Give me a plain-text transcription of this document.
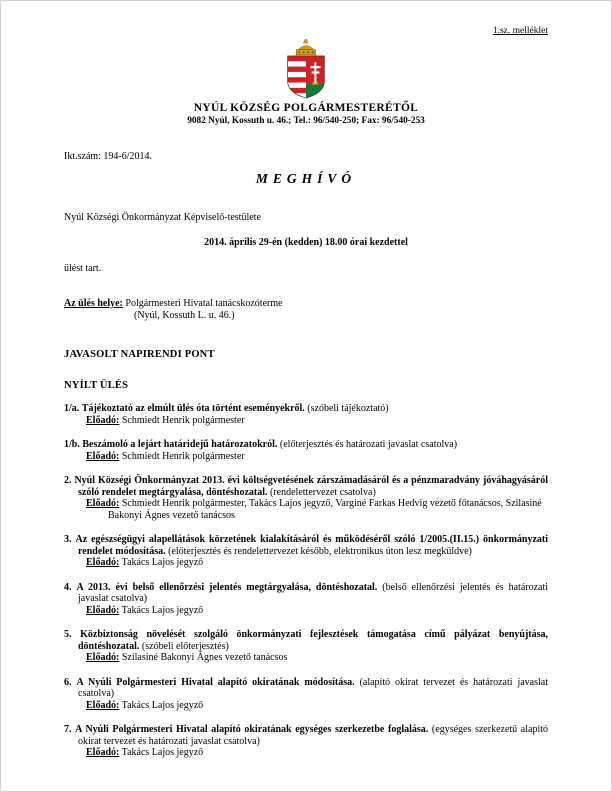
1.sz. melléklet
NYÚL KÖZSÉG POLGÁRMESTERÉTŐL
9082 Nyúl, Kossuth u. 46.; Tel.: 96/540-250; Fax: 96/540-253
Ikt.szám: 194-6/2014.
MEGHÍVÓ
Nyúl Községi Önkormányzat Képviselő-testülete
2014. április 29-én (kedden) 18.00 órai kezdettel
ülést tart.
Az ülés helye: Polgármesteri Hivatal tanácskozóterme
(Nyúl, Kossuth L. u. 46.)
JAVASOLT NAPIRENDI PONT
NYÍLT ÜLÉS
1/a. Tájékoztató az elmúlt ülés óta történt eseményekről. (szóbeli tájékoztató)
Előadó: Schmiedt Henrik polgármester
1/b. Beszámoló a lejárt határidejű határozatokról. (előterjesztés és határozati javaslat csatolva)
Előadó: Schmiedt Henrik polgármester
2. Nyúl Községi Önkormányzat 2013. évi költségvetésének zárszámadásáról és a pénzmaradvány jóváhagyásáról szóló rendelet megtárgyalása, döntéshozatal. (rendelettervezet csatolva)
Előadó: Schmiedt Henrik polgármester, Takács Lajos jegyző, Varginé Farkas Hedvig vezető főtanácsos, Szilasiné Bakonyi Ágnes vezető tanácsos
3. Az egészségügyi alapellátások körzetének kialakításáról és működéséről szóló 1/2005.(II.15.) önkormányzati rendelet módosítása. (előterjesztés és rendelettervezet később, elektronikus úton lesz megküldve)
Előadó: Takács Lajos jegyző
4. A 2013. évi belső ellenőrzési jelentés megtárgyalása, döntéshozatal. (belső ellenőrzési jelentés és határozati javaslat csatolva)
Előadó: Takács Lajos jegyző
5. Közbiztonság növelését szolgáló önkormányzati fejlesztések támogatása című pályázat benyújtása, döntéshozatal. (szóbeli előterjesztés)
Előadó: Szilasiné Bakonyi Ágnes vezető tanácsos
6. A Nyúli Polgármesteri Hivatal alapító okiratának módosítása. (alapító okirat tervezet és határozati javaslat csatolva)
Előadó: Takács Lajos jegyző
7. A Nyúli Polgármesteri Hivatal alapító okiratának egységes szerkezetbe foglalása. (egységes szerkezetű alapító okirat tervezet és határozati javaslat csatolva)
Előadó: Takács Lajos jegyző
